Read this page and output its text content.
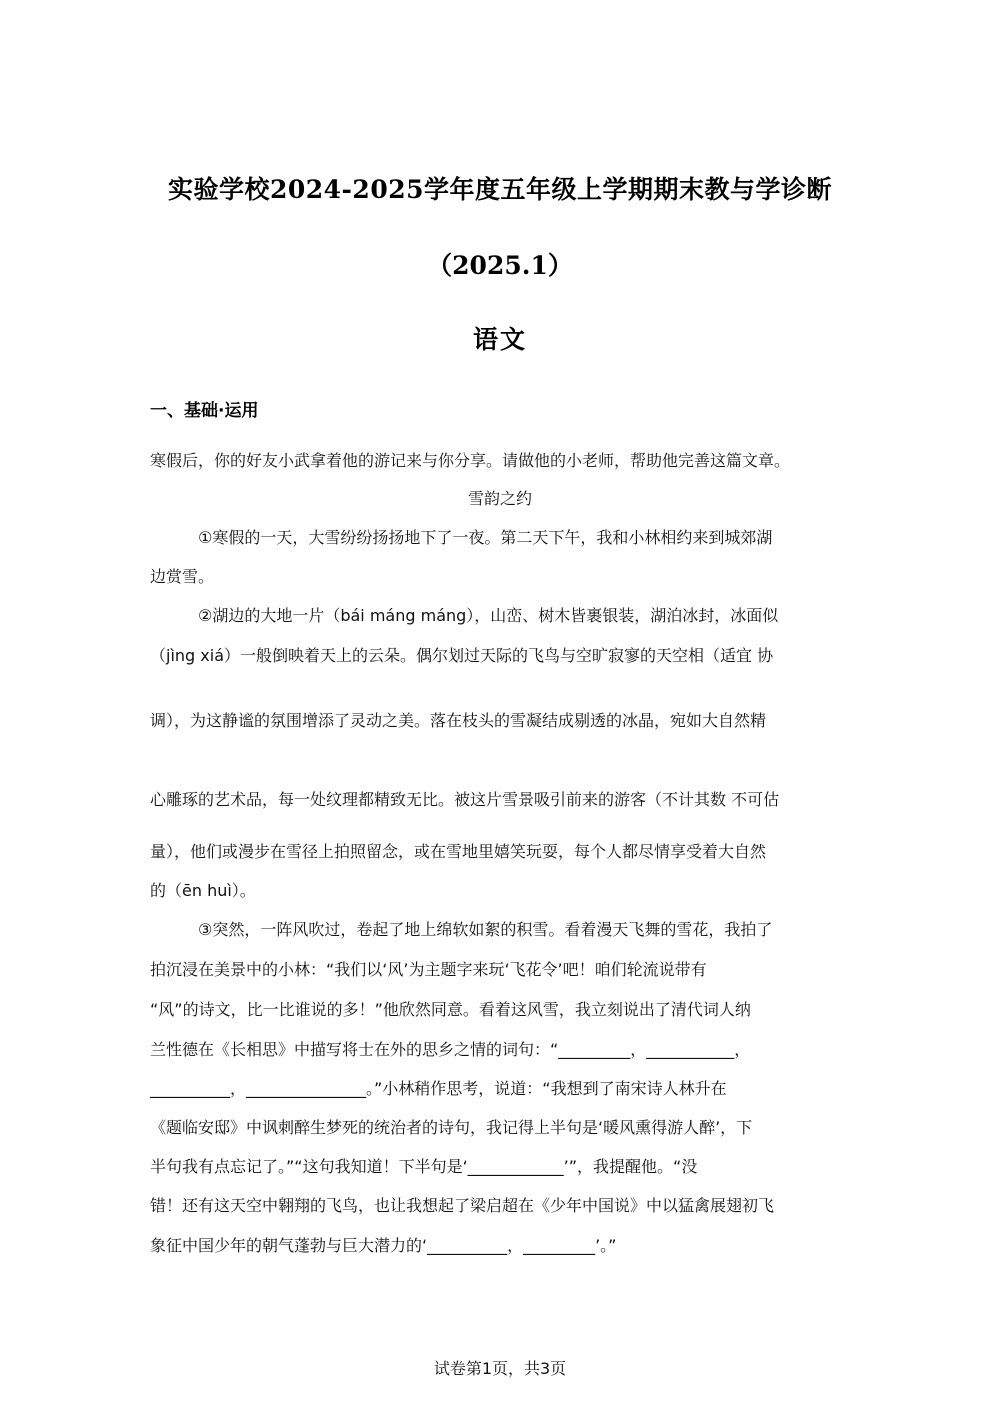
实验学校2024-2025学年度五年级上学期期末教与学诊断
（2025.1）
语文
一、基础·运用
寒假后，你的好友小武拿着他的游记来与你分享。请做他的小老师，帮助他完善这篇文章。
雪韵之约
①寒假的一天，大雪纷纷扬扬地下了一夜。第二天下午，我和小林相约来到城郊湖
边赏雪。
②湖边的大地一片（bái máng máng），山峦、树木皆裹银装，湖泊冰封，冰面似
（jìng xiá）一般倒映着天上的云朵。偶尔划过天际的飞鸟与空旷寂寥的天空相（适宜 协
调），为这静谧的氛围增添了灵动之美。落在枝头的雪凝结成剔透的冰晶，宛如大自然精
心雕琢的艺术品，每一处纹理都精致无比。被这片雪景吸引前来的游客（不计其数 不可估
量），他们或漫步在雪径上拍照留念，或在雪地里嬉笑玩耍，每个人都尽情享受着大自然
的（ēn huì）。
③突然，一阵风吹过，卷起了地上绵软如絮的积雪。看着漫天飞舞的雪花，我拍了
拍沉浸在美景中的小林：“我们以‘风’为主题字来玩‘飞花令’吧！咱们轮流说带有
“风”的诗文，比一比谁说的多！”他欣然同意。看着这风雪，我立刻说出了清代词人纳
兰性德在《长相思》中描写将士在外的思乡之情的词句：“_________，___________，
__________，_______________。”小林稍作思考，说道：“我想到了南宋诗人林升在
《题临安邸》中讽刺醉生梦死的统治者的诗句，我记得上半句是‘暖风熏得游人醉’，下
半句我有点忘记了。”“这句我知道！下半句是‘____________’”，我提醒他。“没
错！还有这天空中翱翔的飞鸟，也让我想起了梁启超在《少年中国说》中以猛禽展翅初飞
象征中国少年的朝气蓬勃与巨大潜力的‘__________，_________’。”
试卷第1页，共3页
